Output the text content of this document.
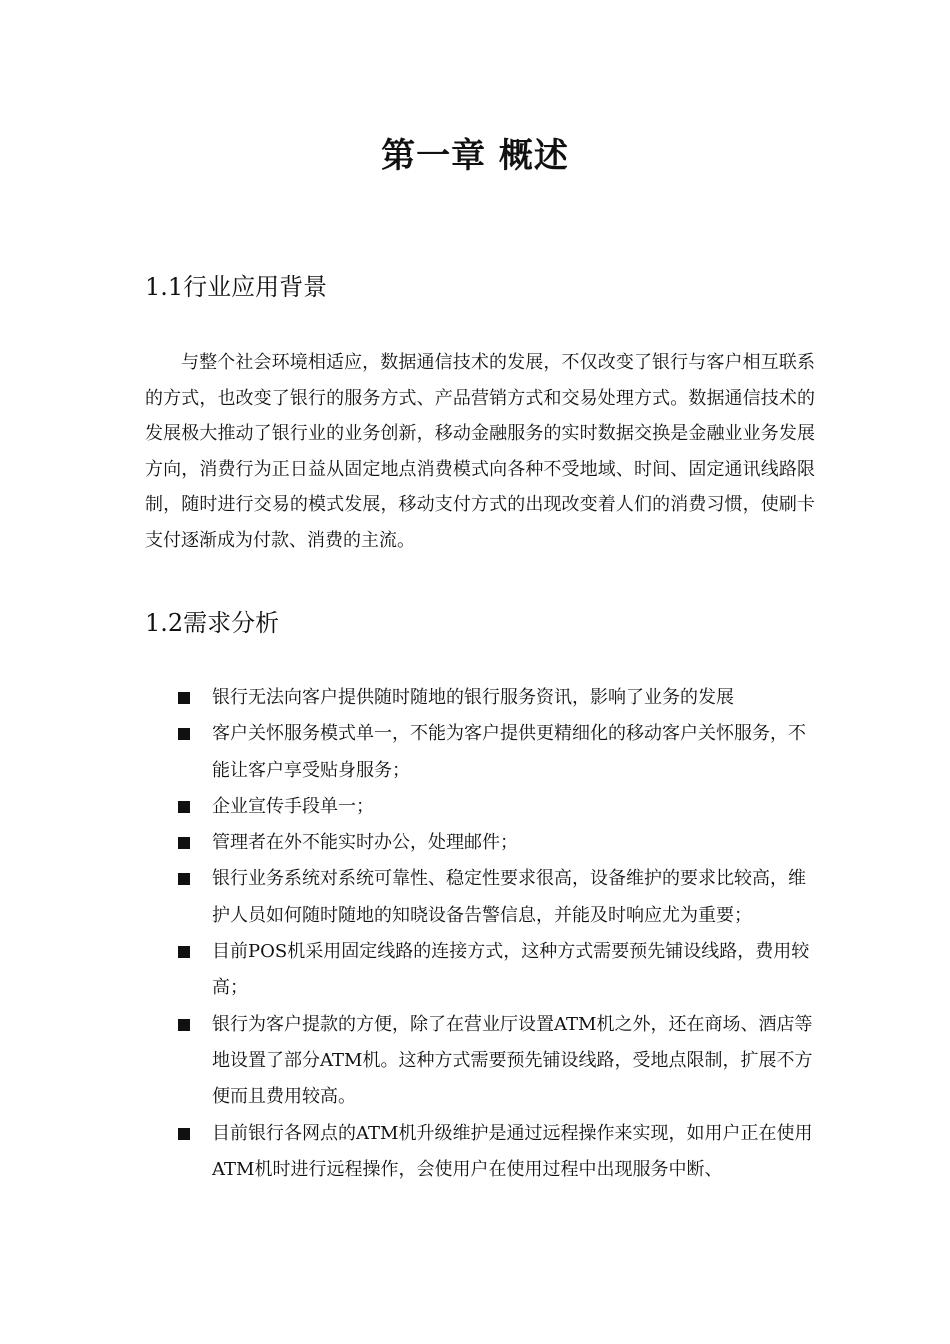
第一章 概述
1.1行业应用背景

与整个社会环境相适应，数据通信技术的发展，不仅改变了银行与客户相互联系的方式，也改变了银行的服务方式、产品营销方式和交易处理方式。数据通信技术的发展极大推动了银行业的业务创新，移动金融服务的实时数据交换是金融业业务发展方向，消费行为正日益从固定地点消费模式向各种不受地域、时间、固定通讯线路限制，随时进行交易的模式发展，移动支付方式的出现改变着人们的消费习惯，使刷卡支付逐渐成为付款、消费的主流。

1.2需求分析
银行无法向客户提供随时随地的银行服务资讯，影响了业务的发展
客户关怀服务模式单一，不能为客户提供更精细化的移动客户关怀服务，不能让客户享受贴身服务；
企业宣传手段单一；
管理者在外不能实时办公，处理邮件；
银行业务系统对系统可靠性、稳定性要求很高，设备维护的要求比较高，维护人员如何随时随地的知晓设备告警信息，并能及时响应尤为重要；
目前POS机采用固定线路的连接方式，这种方式需要预先铺设线路，费用较高；
银行为客户提款的方便，除了在营业厅设置ATM机之外，还在商场、酒店等地设置了部分ATM机。这种方式需要预先铺设线路，受地点限制，扩展不方便而且费用较高。
目前银行各网点的ATM机升级维护是通过远程操作来实现，如用户正在使用ATM机时进行远程操作，会使用户在使用过程中出现服务中断、
